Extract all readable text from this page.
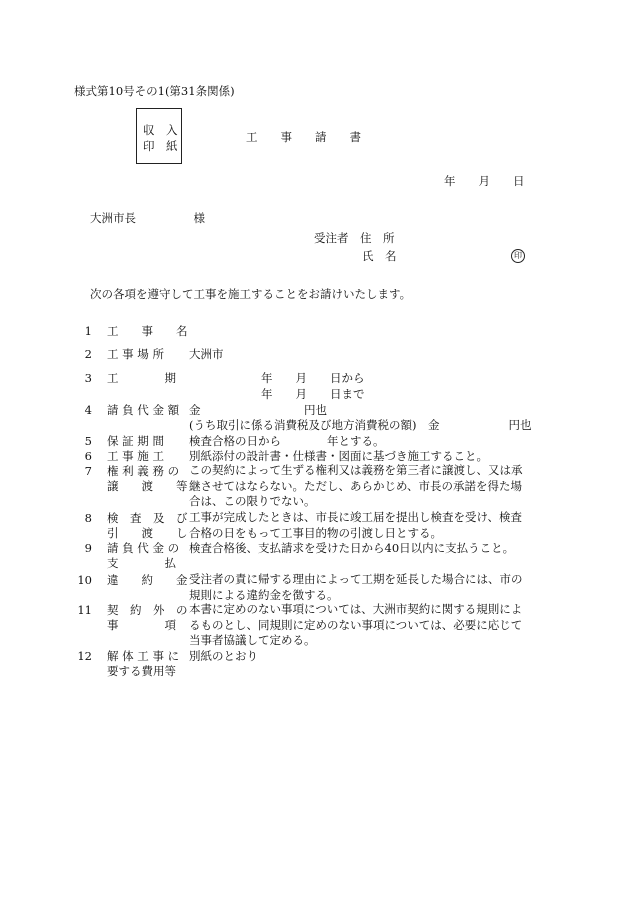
様式第10号その1(第31条関係)
収　入
印　紙
工　　事　　請　　書
年　　月　　日
大洲市長　　　　　様
受注者　住　所
氏　名	印
次の各項を遵守して工事を施工することをお請けいたします。
1 工　　事　　名
2 工 事 場 所 大洲市
3 工　　　　期	年　　月　　日から
年　　月　　日まで
4 請 負 代 金 額 金　　　　　　　　　円也
(うち取引に係る消費税及び地方消費税の額)　金　　　　　　円也
5 保 証 期 間 検査合格の日から　　　　年とする。
6 工 事 施 工 別紙添付の設計書・仕様書・図面に基づき施工すること。
7 権 利 義 務 の
譲　　渡　　等
この契約によって生ずる権利又は義務を第三者に譲渡し、又は承継させてはならない。ただし、あらかじめ、市長の承諾を得た場合は、この限りでない。
8 検　査　及　び
引　　渡　　し
工事が完成したときは、市長に竣工届を提出し検査を受け、検査合格の日をもって工事目的物の引渡し日とする。
9 請 負 代 金 の
支　　　　払
検査合格後、支払請求を受けた日から40日以内に支払うこと。
10 違　　約　　金 受注者の責に帰する理由によって工期を延長した場合には、市の規則による違約金を徴する。
11 契　約　外　の
事　　　　項
本書に定めのない事項については、大洲市契約に関する規則によるものとし、同規則に定めのない事項については、必要に応じて当事者協議して定める。
12 解 体 工 事 に
要する費用等
別紙のとおり
